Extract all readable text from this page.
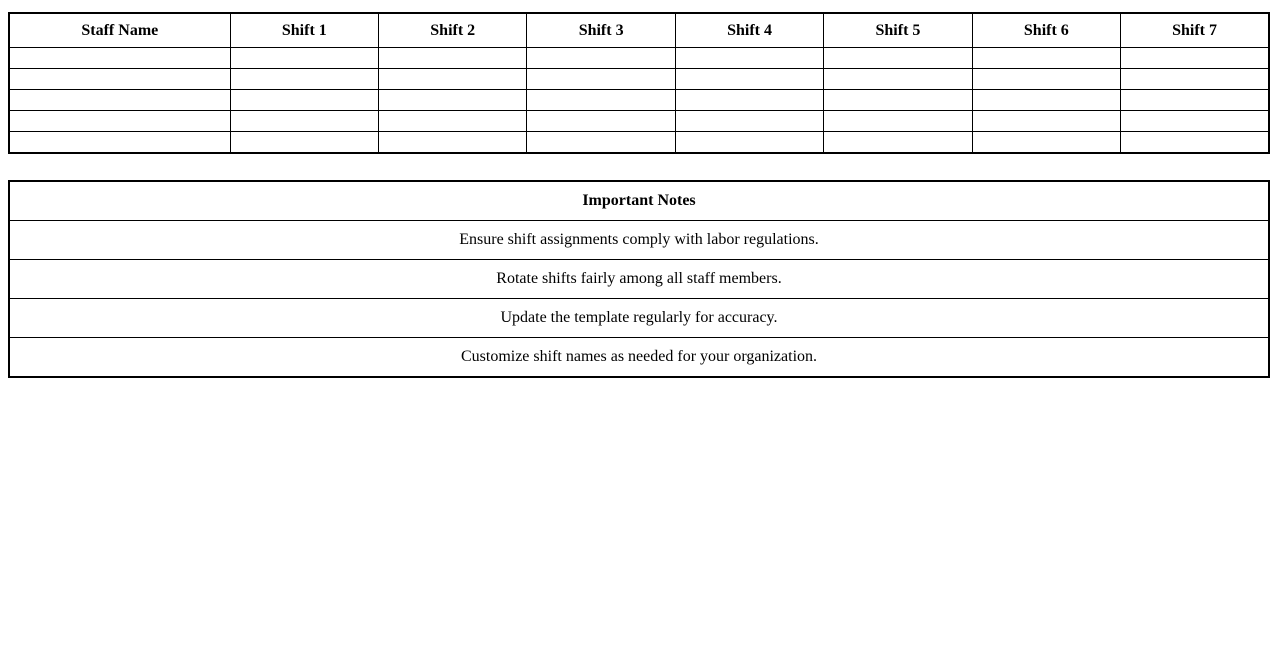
Staff Name	Shift 1	Shift 2	Shift 3	Shift 4	Shift 5	Shift 6	Shift 7

Important Notes
Ensure shift assignments comply with labor regulations.
Rotate shifts fairly among all staff members.
Update the template regularly for accuracy.
Customize shift names as needed for your organization.
